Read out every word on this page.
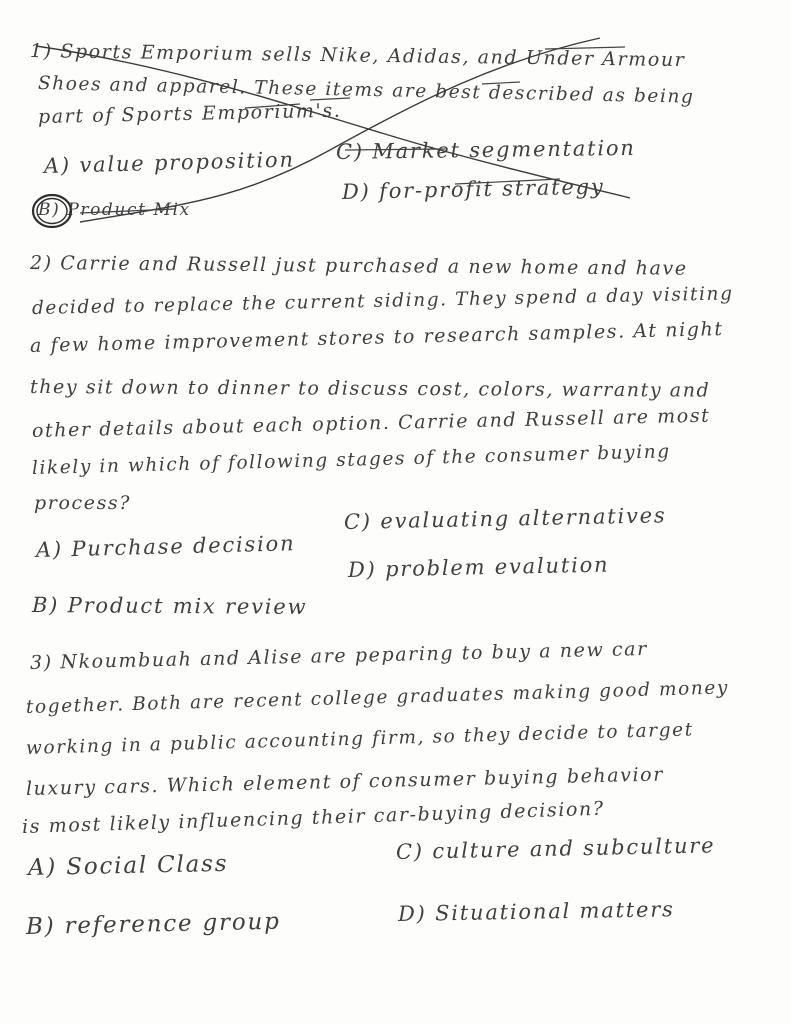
1) Sports Emporium sells Nike, Adidas, and Under Armour
Shoes and apparel. These items are best described as being
part of Sports Emporium's.
A) value proposition C) Market segmentation
B) Product Mix
D) for-profit strategy
2) Carrie and Russell just purchased a new home and have
decided to replace the current siding. They spend a day visiting
a few home improvement stores to research samples. At night
they sit down to dinner to discuss cost, colors, warranty and
other details about each option. Carrie and Russell are most
likely in which of following stages of the consumer buying
process?
C) evaluating alternatives
A) Purchase decision
D) problem evalution
B) Product mix review
3) Nkoumbuah and Alise are peparing to buy a new car
together. Both are recent college graduates making good money
working in a public accounting firm, so they decide to target
luxury cars. Which element of consumer buying behavior
is most likely influencing their car-buying decision?
A) Social Class
C) culture and subculture
B) reference group	D) Situational matters
